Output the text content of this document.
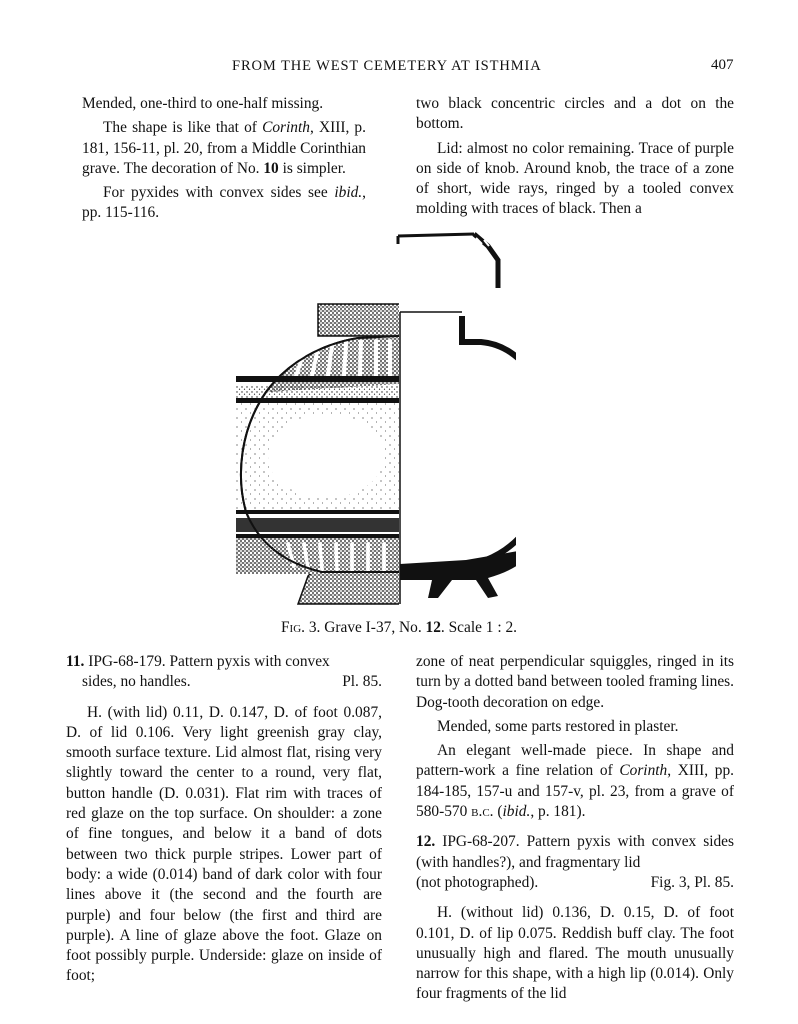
FROM THE WEST CEMETERY AT ISTHMIA	407

Mended, one-third to one-half missing.

The shape is like that of Corinth, XIII, p. 181, 156-11, pl. 20, from a Middle Corinthian grave. The decoration of No. 10 is simpler.

For pyxides with convex sides see ibid., pp. 115-116.

two black concentric circles and a dot on the bottom.

Lid: almost no color remaining. Trace of purple on side of knob. Around knob, the trace of a zone of short, wide rays, ringed by a tooled convex molding with traces of black. Then a

Fig. 3. Grave I-37, No. 12. Scale 1 : 2.

11. IPG-68-179. Pattern pyxis with convex

sides, no handles.	Pl. 85.

H. (with lid) 0.11, D. 0.147, D. of foot 0.087, D. of lid 0.106. Very light greenish gray clay, smooth surface texture. Lid almost flat, rising very slightly toward the center to a round, very flat, button handle (D. 0.031). Flat rim with traces of red glaze on the top surface. On shoulder: a zone of fine tongues, and below it a band of dots between two thick purple stripes. Lower part of body: a wide (0.014) band of dark color with four lines above it (the second and the fourth are purple) and four below (the first and third are purple). A line of glaze above the foot. Glaze on foot possibly purple. Underside: glaze on inside of foot;

zone of neat perpendicular squiggles, ringed in its turn by a dotted band between tooled framing lines. Dog-tooth decoration on edge.

Mended, some parts restored in plaster.

An elegant well-made piece. In shape and pattern-work a fine relation of Corinth, XIII, pp. 184-185, 157-u and 157-v, pl. 23, from a grave of 580-570 b.c. (ibid., p. 181).

12. IPG-68-207. Pattern pyxis with convex sides (with handles?), and fragmentary lid

(not photographed).	Fig. 3, Pl. 85.

H. (without lid) 0.136, D. 0.15, D. of foot 0.101, D. of lip 0.075. Reddish buff clay. The foot unusually high and flared. The mouth unusually narrow for this shape, with a high lip (0.014). Only four fragments of the lid
